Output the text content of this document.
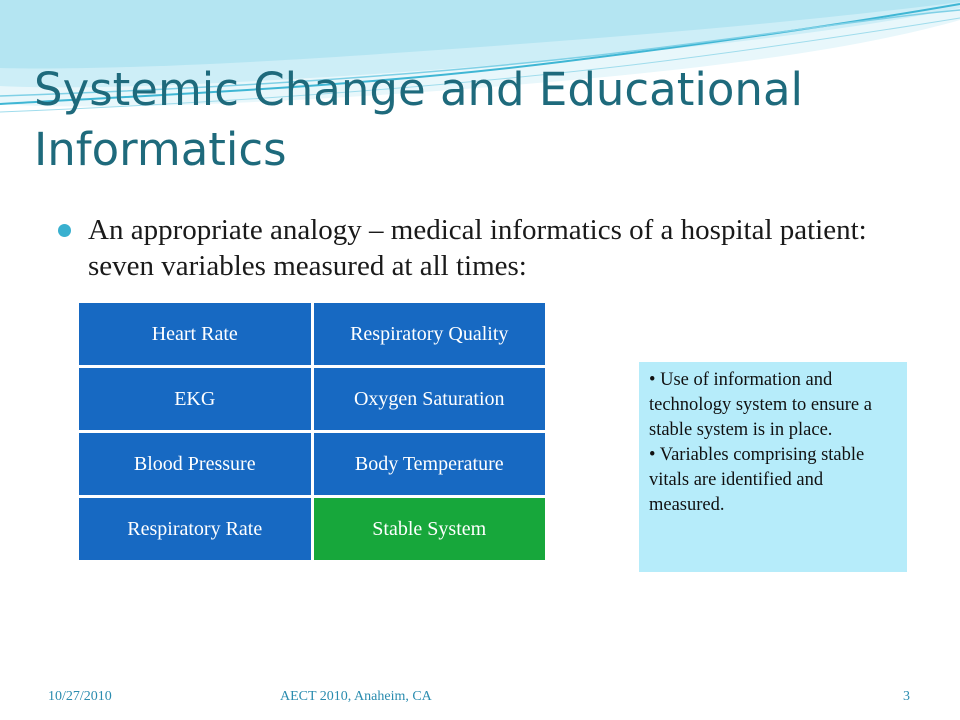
Systemic Change and Educational Informatics
An appropriate analogy – medical informatics of a hospital patient: seven variables measured at all times:
Heart Rate	Respiratory Quality
EKG	Oxygen Saturation
Blood Pressure	Body Temperature
Respiratory Rate	Stable System

• Use of information and technology system to ensure a stable system is in place.

• Variables comprising stable vitals are identified and measured.

10/27/2010	AECT 2010, Anaheim, CA	3
